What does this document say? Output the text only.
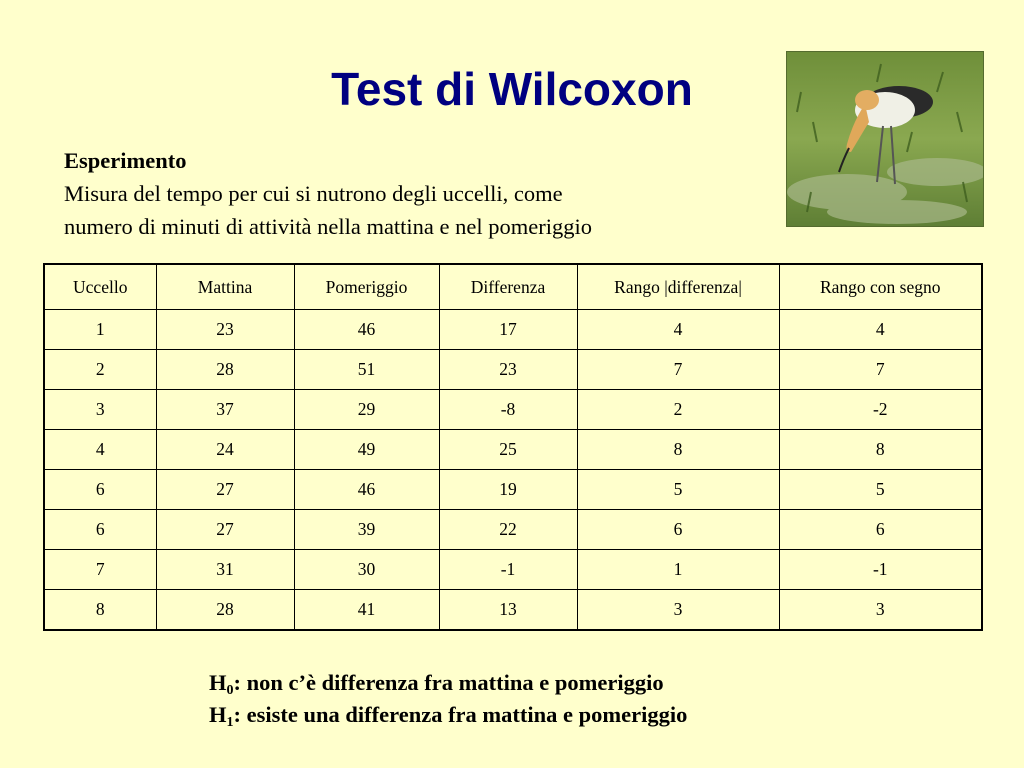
Test di Wilcoxon
Esperimento
Misura del tempo per cui si nutrono degli uccelli, come
numero di minuti di attività nella mattina e nel pomeriggio
Uccello	Mattina	Pomeriggio	Differenza	Rango |differenza|	Rango con segno
1	23	46	17	4	4
2	28	51	23	7	7
3	37	29	-8	2	-2
4	24	49	25	8	8
6	27	46	19	5	5
6	27	39	22	6	6
7	31	30	-1	1	-1
8	28	41	13	3	3
$H_0$: non c’è differenza fra mattina e pomeriggio
$H_1$: esiste una differenza fra mattina e pomeriggio
